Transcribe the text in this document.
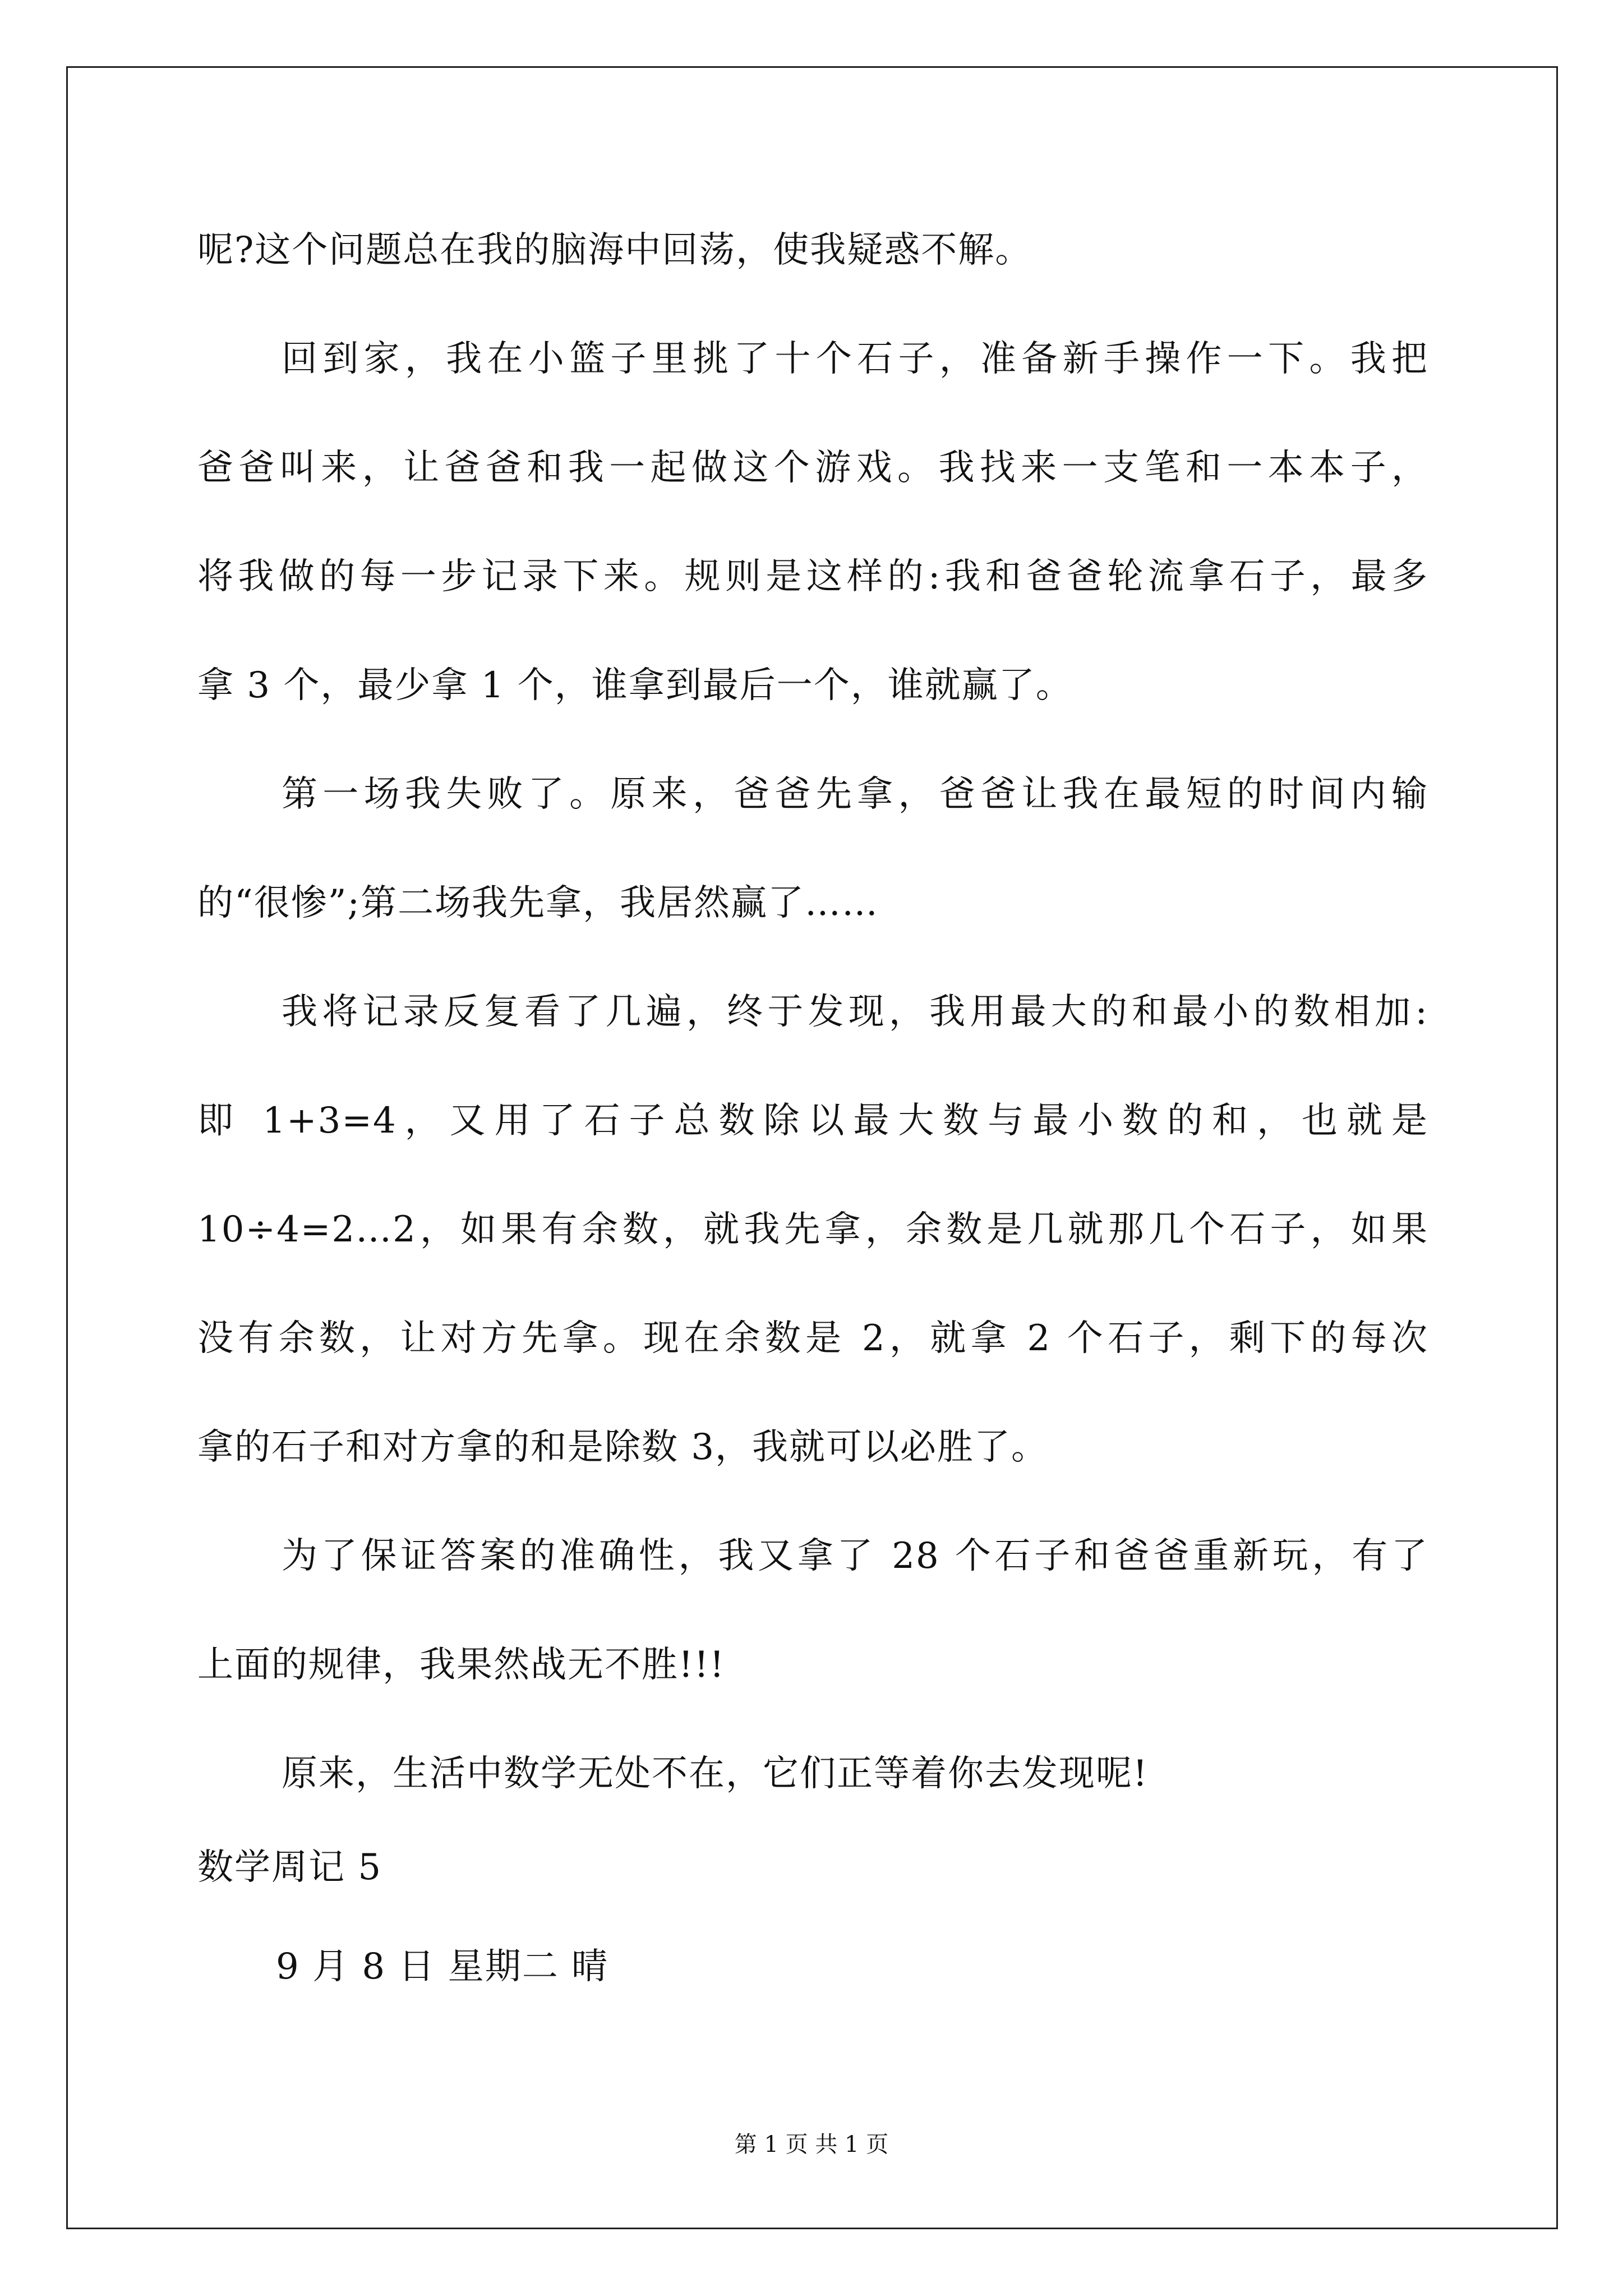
呢?这个问题总在我的脑海中回荡，使我疑惑不解。
回到家，我在小篮子里挑了十个石子，准备新手操作一下。我把
爸爸叫来，让爸爸和我一起做这个游戏。我找来一支笔和一本本子，
将我做的每一步记录下来。规则是这样的:我和爸爸轮流拿石子，最多
拿 3 个，最少拿 1 个，谁拿到最后一个，谁就赢了。
第一场我失败了。原来，爸爸先拿，爸爸让我在最短的时间内输
的“很惨”;第二场我先拿，我居然赢了……
我将记录反复看了几遍，终于发现，我用最大的和最小的数相加:
即 1+3=4，又用了石子总数除以最大数与最小数的和，也就是
10÷4=2…2，如果有余数，就我先拿，余数是几就那几个石子，如果
没有余数，让对方先拿。现在余数是 2，就拿 2 个石子，剩下的每次
拿的石子和对方拿的和是除数 3，我就可以必胜了。
为了保证答案的准确性，我又拿了 28 个石子和爸爸重新玩，有了
上面的规律，我果然战无不胜!!!
原来，生活中数学无处不在，它们正等着你去发现呢!
数学周记 5
9 月 8 日 星期二 晴
第 1 页 共 1 页
